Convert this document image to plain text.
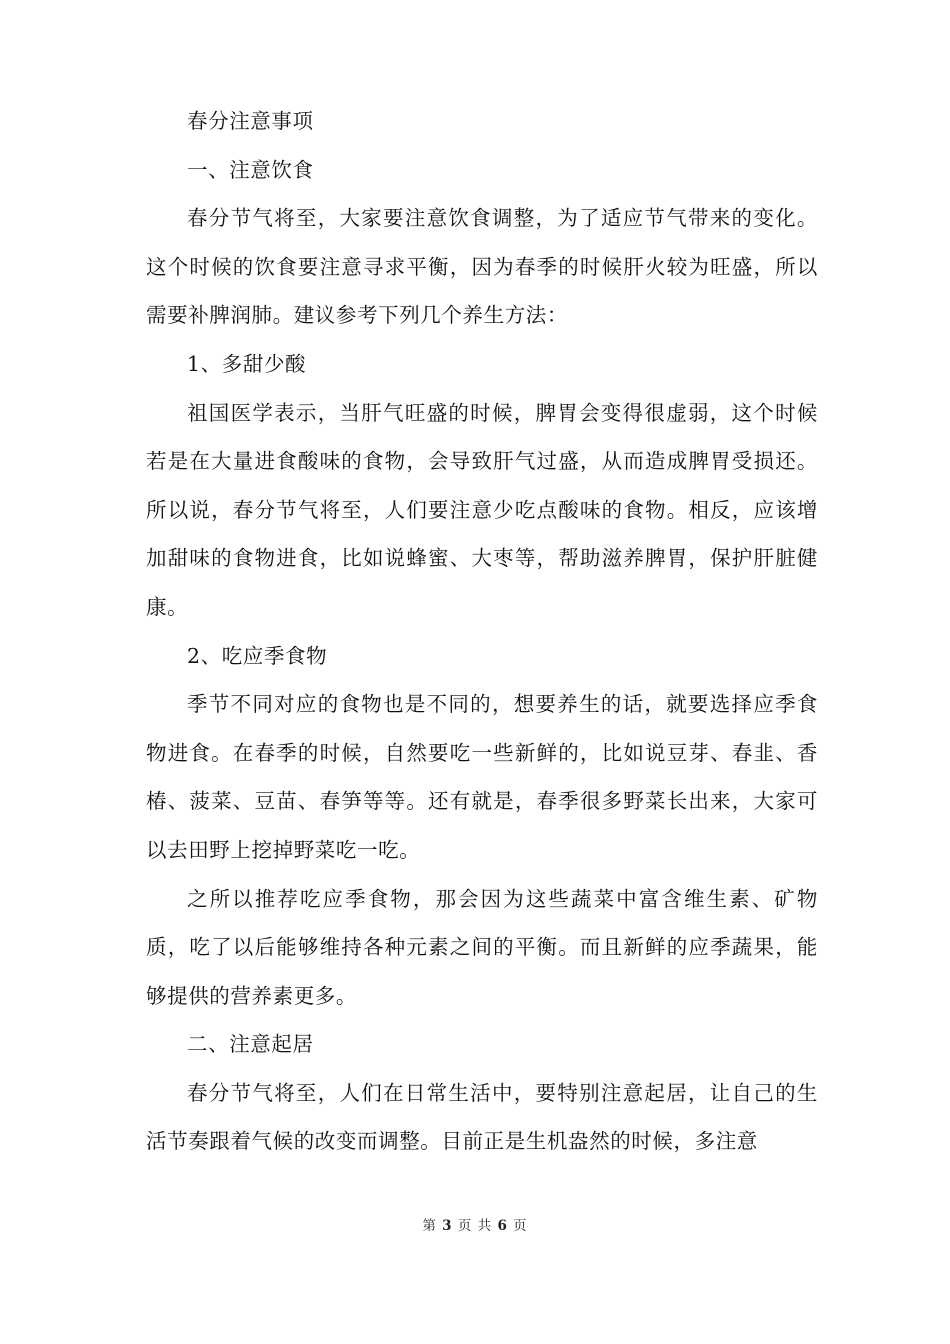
春分注意事项

一、注意饮食

春分节气将至，大家要注意饮食调整，为了适应节气带来的变化。这个时候的饮食要注意寻求平衡，因为春季的时候肝火较为旺盛，所以需要补脾润肺。建议参考下列几个养生方法：

1、多甜少酸

祖国医学表示，当肝气旺盛的时候，脾胃会变得很虚弱，这个时候若是在大量进食酸味的食物，会导致肝气过盛，从而造成脾胃受损还。所以说，春分节气将至，人们要注意少吃点酸味的食物。相反，应该增加甜味的食物进食，比如说蜂蜜、大枣等，帮助滋养脾胃，保护肝脏健康。

2、吃应季食物

季节不同对应的食物也是不同的，想要养生的话，就要选择应季食物进食。在春季的时候，自然要吃一些新鲜的，比如说豆芽、春韭、香椿、菠菜、豆苗、春笋等等。还有就是，春季很多野菜长出来，大家可以去田野上挖掉野菜吃一吃。

之所以推荐吃应季食物，那会因为这些蔬菜中富含维生素、矿物质，吃了以后能够维持各种元素之间的平衡。而且新鲜的应季蔬果，能够提供的营养素更多。

二、注意起居

春分节气将至，人们在日常生活中，要特别注意起居，让自己的生活节奏跟着气候的改变而调整。目前正是生机盎然的时候，多注意

第 3 页 共 6 页
